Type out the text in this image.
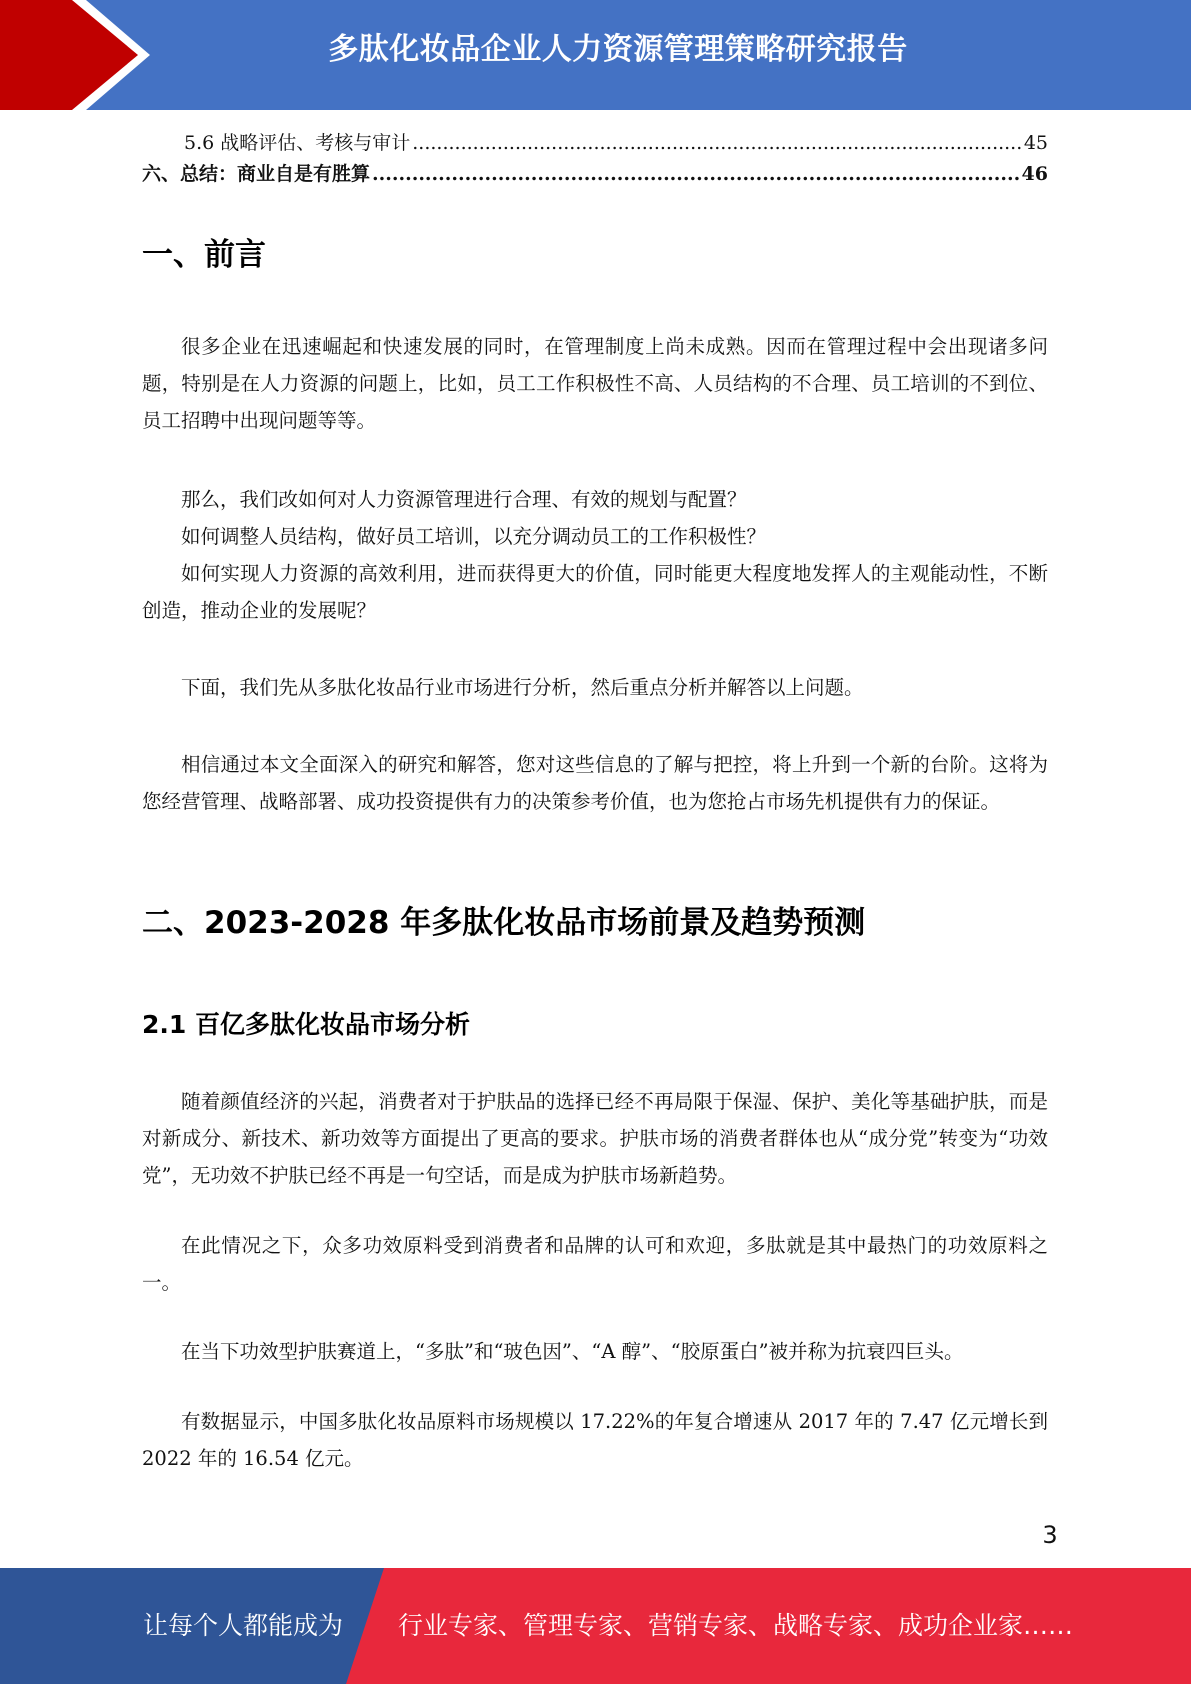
多肽化妆品企业人力资源管理策略研究报告
5.6 战略评估、考核与审计 .....	45
六、总结：商业自是有胜算 .....	46
一、前言

很多企业在迅速崛起和快速发展的同时，在管理制度上尚未成熟。因而在管理过程中会出现诸多问题，特别是在人力资源的问题上，比如，员工工作积极性不高、人员结构的不合理、员工培训的不到位、员工招聘中出现问题等等。

那么，我们改如何对人力资源管理进行合理、有效的规划与配置？

如何调整人员结构，做好员工培训，以充分调动员工的工作积极性？

如何实现人力资源的高效利用，进而获得更大的价值，同时能更大程度地发挥人的主观能动性，不断创造，推动企业的发展呢？

下面，我们先从多肽化妆品行业市场进行分析，然后重点分析并解答以上问题。

相信通过本文全面深入的研究和解答，您对这些信息的了解与把控，将上升到一个新的台阶。这将为您经营管理、战略部署、成功投资提供有力的决策参考价值，也为您抢占市场先机提供有力的保证。

二、2023-2028 年多肽化妆品市场前景及趋势预测
2.1 百亿多肽化妆品市场分析

随着颜值经济的兴起，消费者对于护肤品的选择已经不再局限于保湿、保护、美化等基础护肤，而是对新成分、新技术、新功效等方面提出了更高的要求。护肤市场的消费者群体也从“成分党”转变为“功效党”，无功效不护肤已经不再是一句空话，而是成为护肤市场新趋势。

在此情况之下，众多功效原料受到消费者和品牌的认可和欢迎，多肽就是其中最热门的功效原料之一。

在当下功效型护肤赛道上，“多肽”和“玻色因”、“A 醇”、“胶原蛋白”被并称为抗衰四巨头。

有数据显示，中国多肽化妆品原料市场规模以 17.22%的年复合增速从 2017 年的 7.47 亿元增长到 2022 年的 16.54 亿元。

3
让每个人都能成为 行业专家、管理专家、营销专家、战略专家、成功企业家……
